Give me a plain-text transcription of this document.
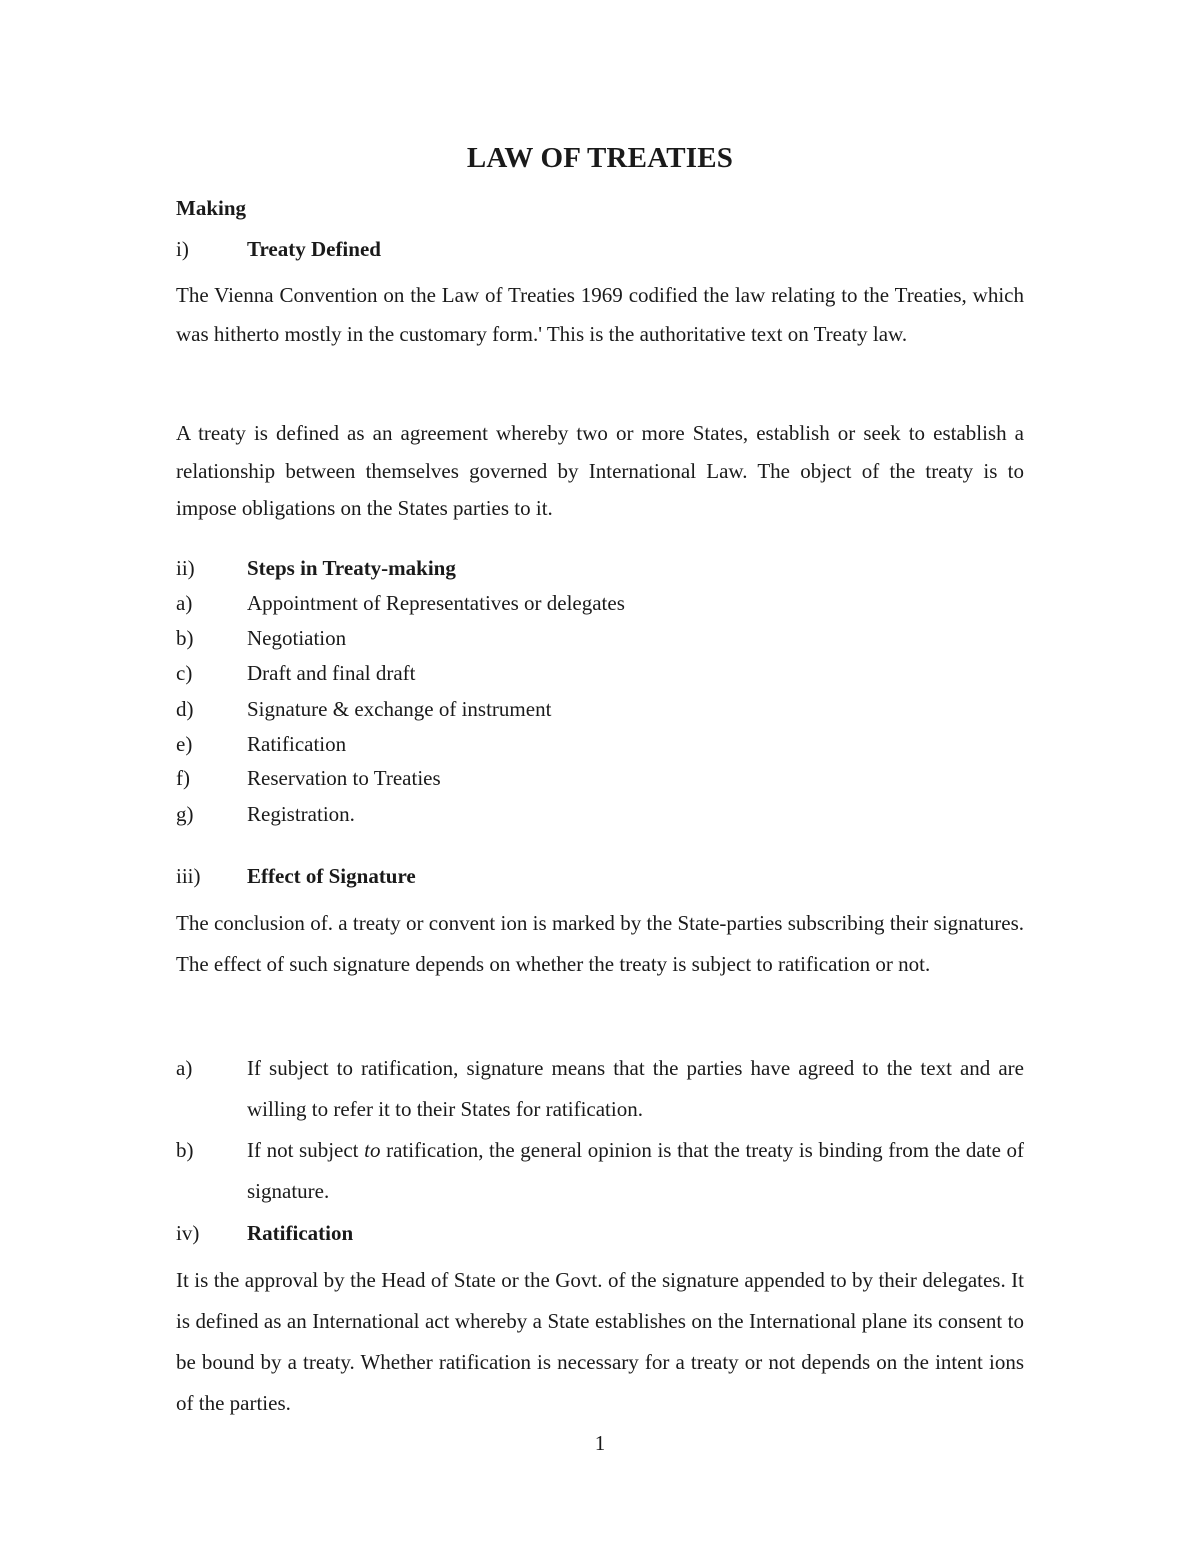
LAW OF TREATIES
Making
i)	Treaty Defined
The Vienna Convention on the Law of Treaties 1969 codified the law relating to the Treaties, which was hitherto mostly in the customary form.' This is the authoritative text on Treaty law.
A treaty is defined as an agreement whereby two or more States, establish or seek to establish a relationship between themselves governed by International Law. The object of the treaty is to impose obligations on the States parties to it.
ii) Steps in Treaty-making
a)	Appointment of Representatives or delegates
b)	Negotiation
c)	Draft and final draft
d)	Signature & exchange of instrument
e)	Ratification
f)	Reservation to Treaties
g)	Registration.
iii) Effect of Signature
The conclusion of. a treaty or convent ion is marked by the State-parties subscribing their signatures. The effect of such signature depends on whether the treaty is subject to ratification or not.
a)	If subject to ratification, signature means that the parties have agreed to the text and are willing to refer it to their States for ratification.
b)	If not subject to ratification, the general opinion is that the treaty is binding from the date of signature.
iv) Ratification
It is the approval by the Head of State or the Govt. of the signature appended to by their delegates. It is defined as an International act whereby a State establishes on the International plane its consent to be bound by a treaty. Whether ratification is necessary for a treaty or not depends on the intent ions of the parties.
1
